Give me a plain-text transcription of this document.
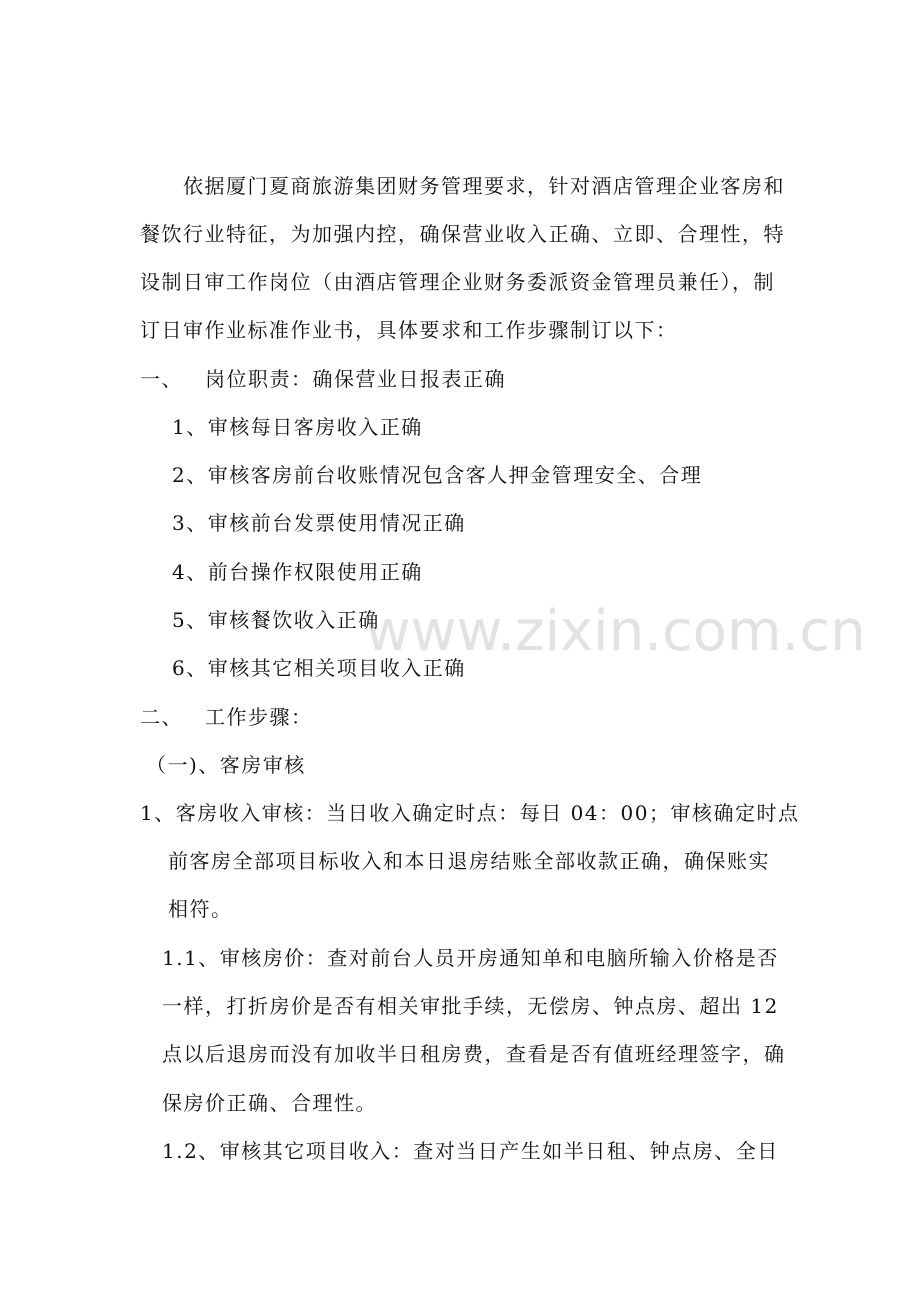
www.zixin.com.cn
依据厦门夏商旅游集团财务管理要求，针对酒店管理企业客房和
餐饮行业特征，为加强内控，确保营业收入正确、立即、合理性，特
设制日审工作岗位（由酒店管理企业财务委派资金管理员兼任），制
订日审作业标准作业书，具体要求和工作步骤制订以下：
一、 岗位职责：确保营业日报表正确
1、审核每日客房收入正确
2、审核客房前台收账情况包含客人押金管理安全、合理
3、审核前台发票使用情况正确
4、前台操作权限使用正确
5、审核餐饮收入正确
6、审核其它相关项目收入正确
二、 工作步骤：
（一)、客房审核
1、客房收入审核：当日收入确定时点：每日 04：00；审核确定时点
前客房全部项目标收入和本日退房结账全部收款正确，确保账实
相符。
1.1、审核房价：查对前台人员开房通知单和电脑所输入价格是否
一样，打折房价是否有相关审批手续，无偿房、钟点房、超出 12
点以后退房而没有加收半日租房费，查看是否有值班经理签字，确
保房价正确、合理性。
1.2、审核其它项目收入：查对当日产生如半日租、钟点房、全日
